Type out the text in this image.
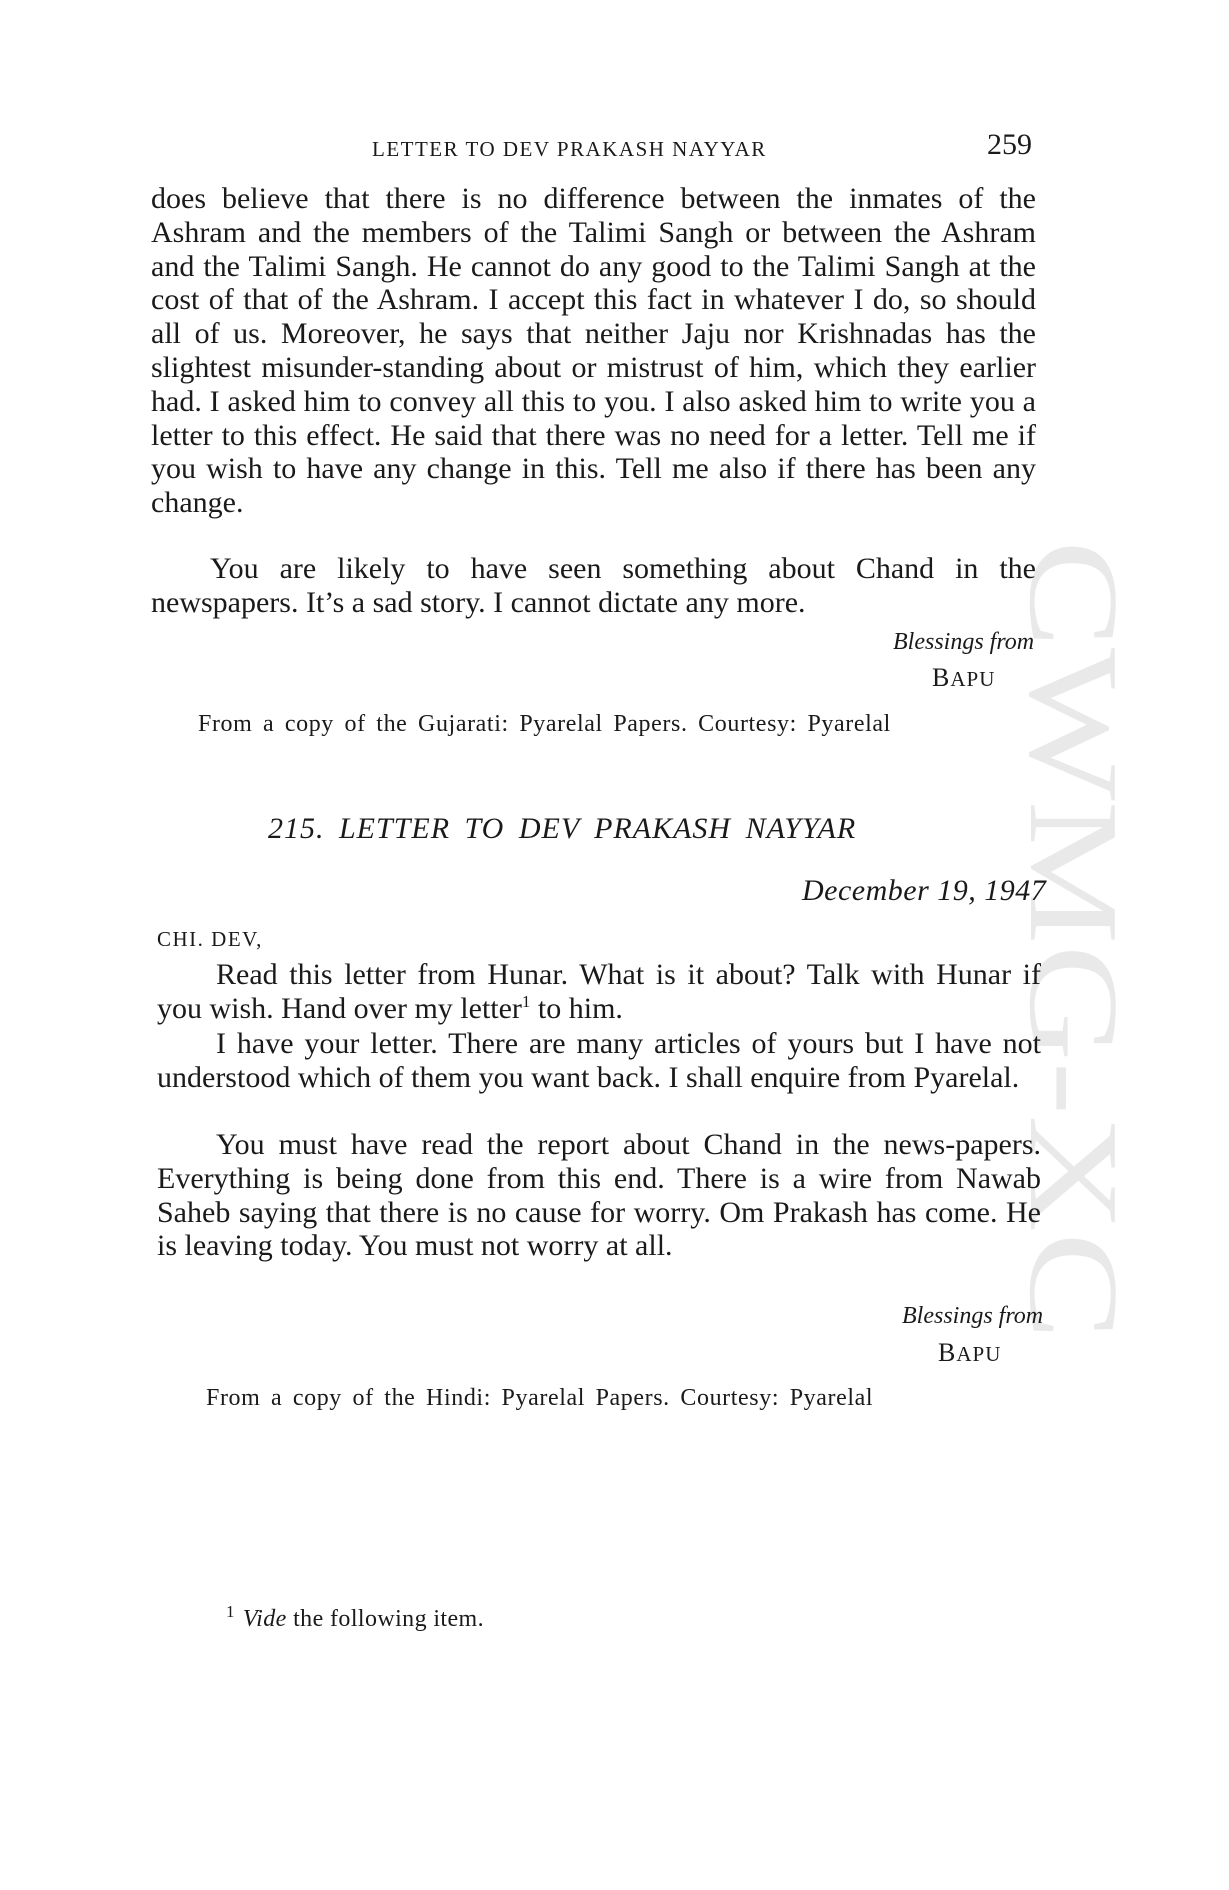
CWMG-XC
LETTER TO DEV PRAKASH NAYYAR	259

does believe that there is no difference between the inmates of the Ashram and the members of the Talimi Sangh or between the Ashram and the Talimi Sangh. He cannot do any good to the Talimi Sangh at the cost of that of the Ashram. I accept this fact in whatever I do, so should all of us. Moreover, he says that neither Jaju nor Krishnadas has the slightest misunder-standing about or mistrust of him, which they earlier had. I asked him to convey all this to you. I also asked him to write you a letter to this effect. He said that there was no need for a letter. Tell me if you wish to have any change in this. Tell me also if there has been any change.

You are likely to have seen something about Chand in the newspapers. It’s a sad story. I cannot dictate any more.

Blessings from
BAPU
From a copy of the Gujarati: Pyarelal Papers. Courtesy: Pyarelal
215. LETTER TO DEV PRAKASH NAYYAR
December 19, 1947
CHI. DEV,

Read this letter from Hunar. What is it about? Talk with Hunar if you wish. Hand over my letter$^1$ to him.

I have your letter. There are many articles of yours but I have not understood which of them you want back. I shall enquire from Pyarelal.

You must have read the report about Chand in the news-papers. Everything is being done from this end. There is a wire from Nawab Saheb saying that there is no cause for worry. Om Prakash has come. He is leaving today. You must not worry at all.

Blessings from
BAPU
From a copy of the Hindi: Pyarelal Papers. Courtesy: Pyarelal
$^1$ Vide the following item.
